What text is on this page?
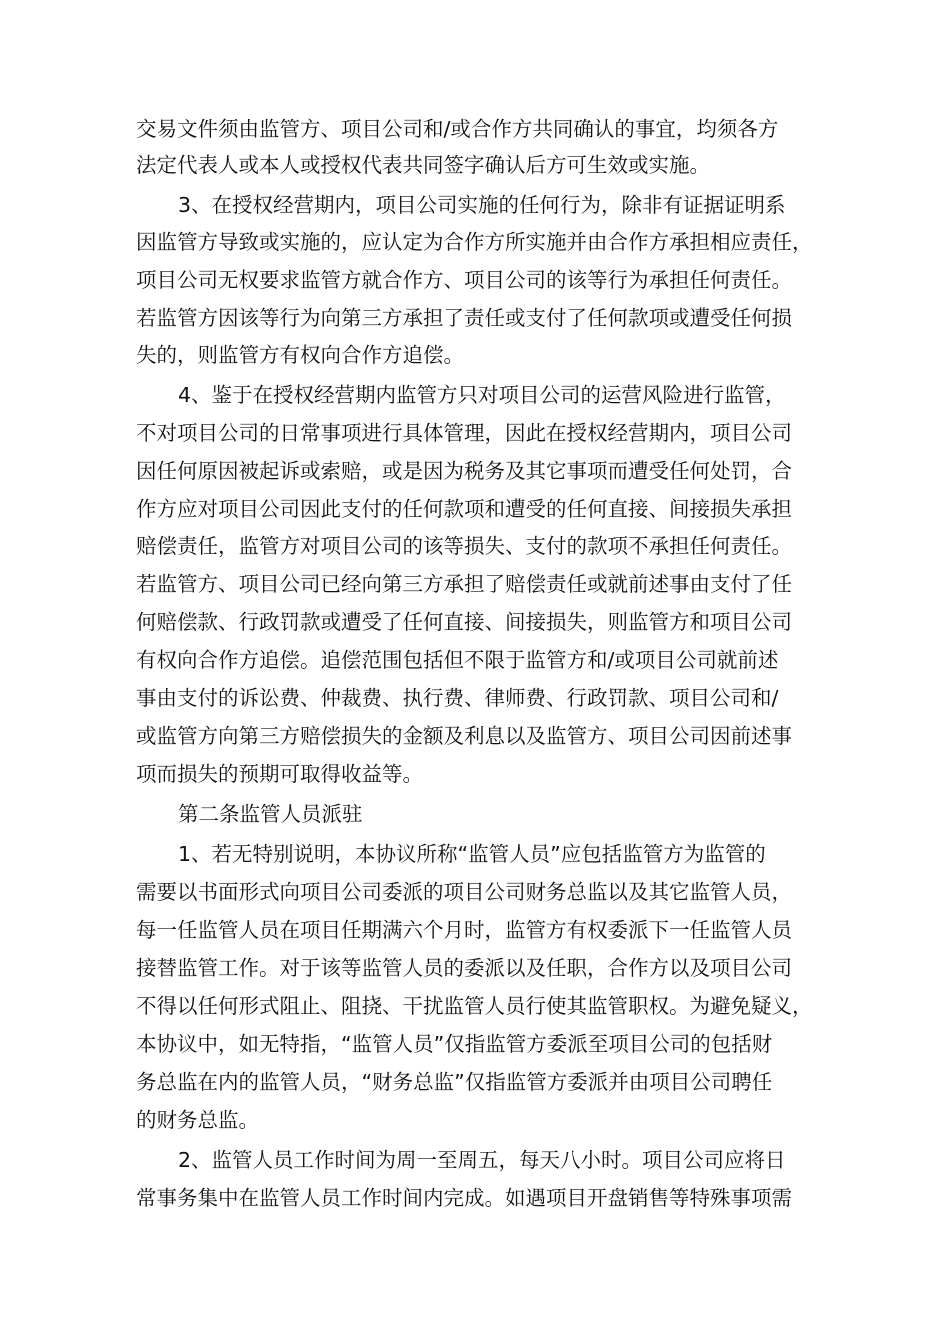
交易文件须由监管方、项目公司和/或合作方共同确认的事宜，均须各方
法定代表人或本人或授权代表共同签字确认后方可生效或实施。
3、在授权经营期内，项目公司实施的任何行为，除非有证据证明系
因监管方导致或实施的，应认定为合作方所实施并由合作方承担相应责任，
项目公司无权要求监管方就合作方、项目公司的该等行为承担任何责任。
若监管方因该等行为向第三方承担了责任或支付了任何款项或遭受任何损
失的，则监管方有权向合作方追偿。
4、鉴于在授权经营期内监管方只对项目公司的运营风险进行监管，
不对项目公司的日常事项进行具体管理，因此在授权经营期内，项目公司
因任何原因被起诉或索赔，或是因为税务及其它事项而遭受任何处罚，合
作方应对项目公司因此支付的任何款项和遭受的任何直接、间接损失承担
赔偿责任，监管方对项目公司的该等损失、支付的款项不承担任何责任。
若监管方、项目公司已经向第三方承担了赔偿责任或就前述事由支付了任
何赔偿款、行政罚款或遭受了任何直接、间接损失，则监管方和项目公司
有权向合作方追偿。追偿范围包括但不限于监管方和/或项目公司就前述
事由支付的诉讼费、仲裁费、执行费、律师费、行政罚款、项目公司和/
或监管方向第三方赔偿损失的金额及利息以及监管方、项目公司因前述事
项而损失的预期可取得收益等。
第二条监管人员派驻
1、若无特别说明，本协议所称“监管人员”应包括监管方为监管的
需要以书面形式向项目公司委派的项目公司财务总监以及其它监管人员，
每一任监管人员在项目任期满六个月时，监管方有权委派下一任监管人员
接替监管工作。对于该等监管人员的委派以及任职，合作方以及项目公司
不得以任何形式阻止、阻挠、干扰监管人员行使其监管职权。为避免疑义，
本协议中，如无特指，“监管人员”仅指监管方委派至项目公司的包括财
务总监在内的监管人员，“财务总监”仅指监管方委派并由项目公司聘任
的财务总监。
2、监管人员工作时间为周一至周五，每天八小时。项目公司应将日
常事务集中在监管人员工作时间内完成。如遇项目开盘销售等特殊事项需
